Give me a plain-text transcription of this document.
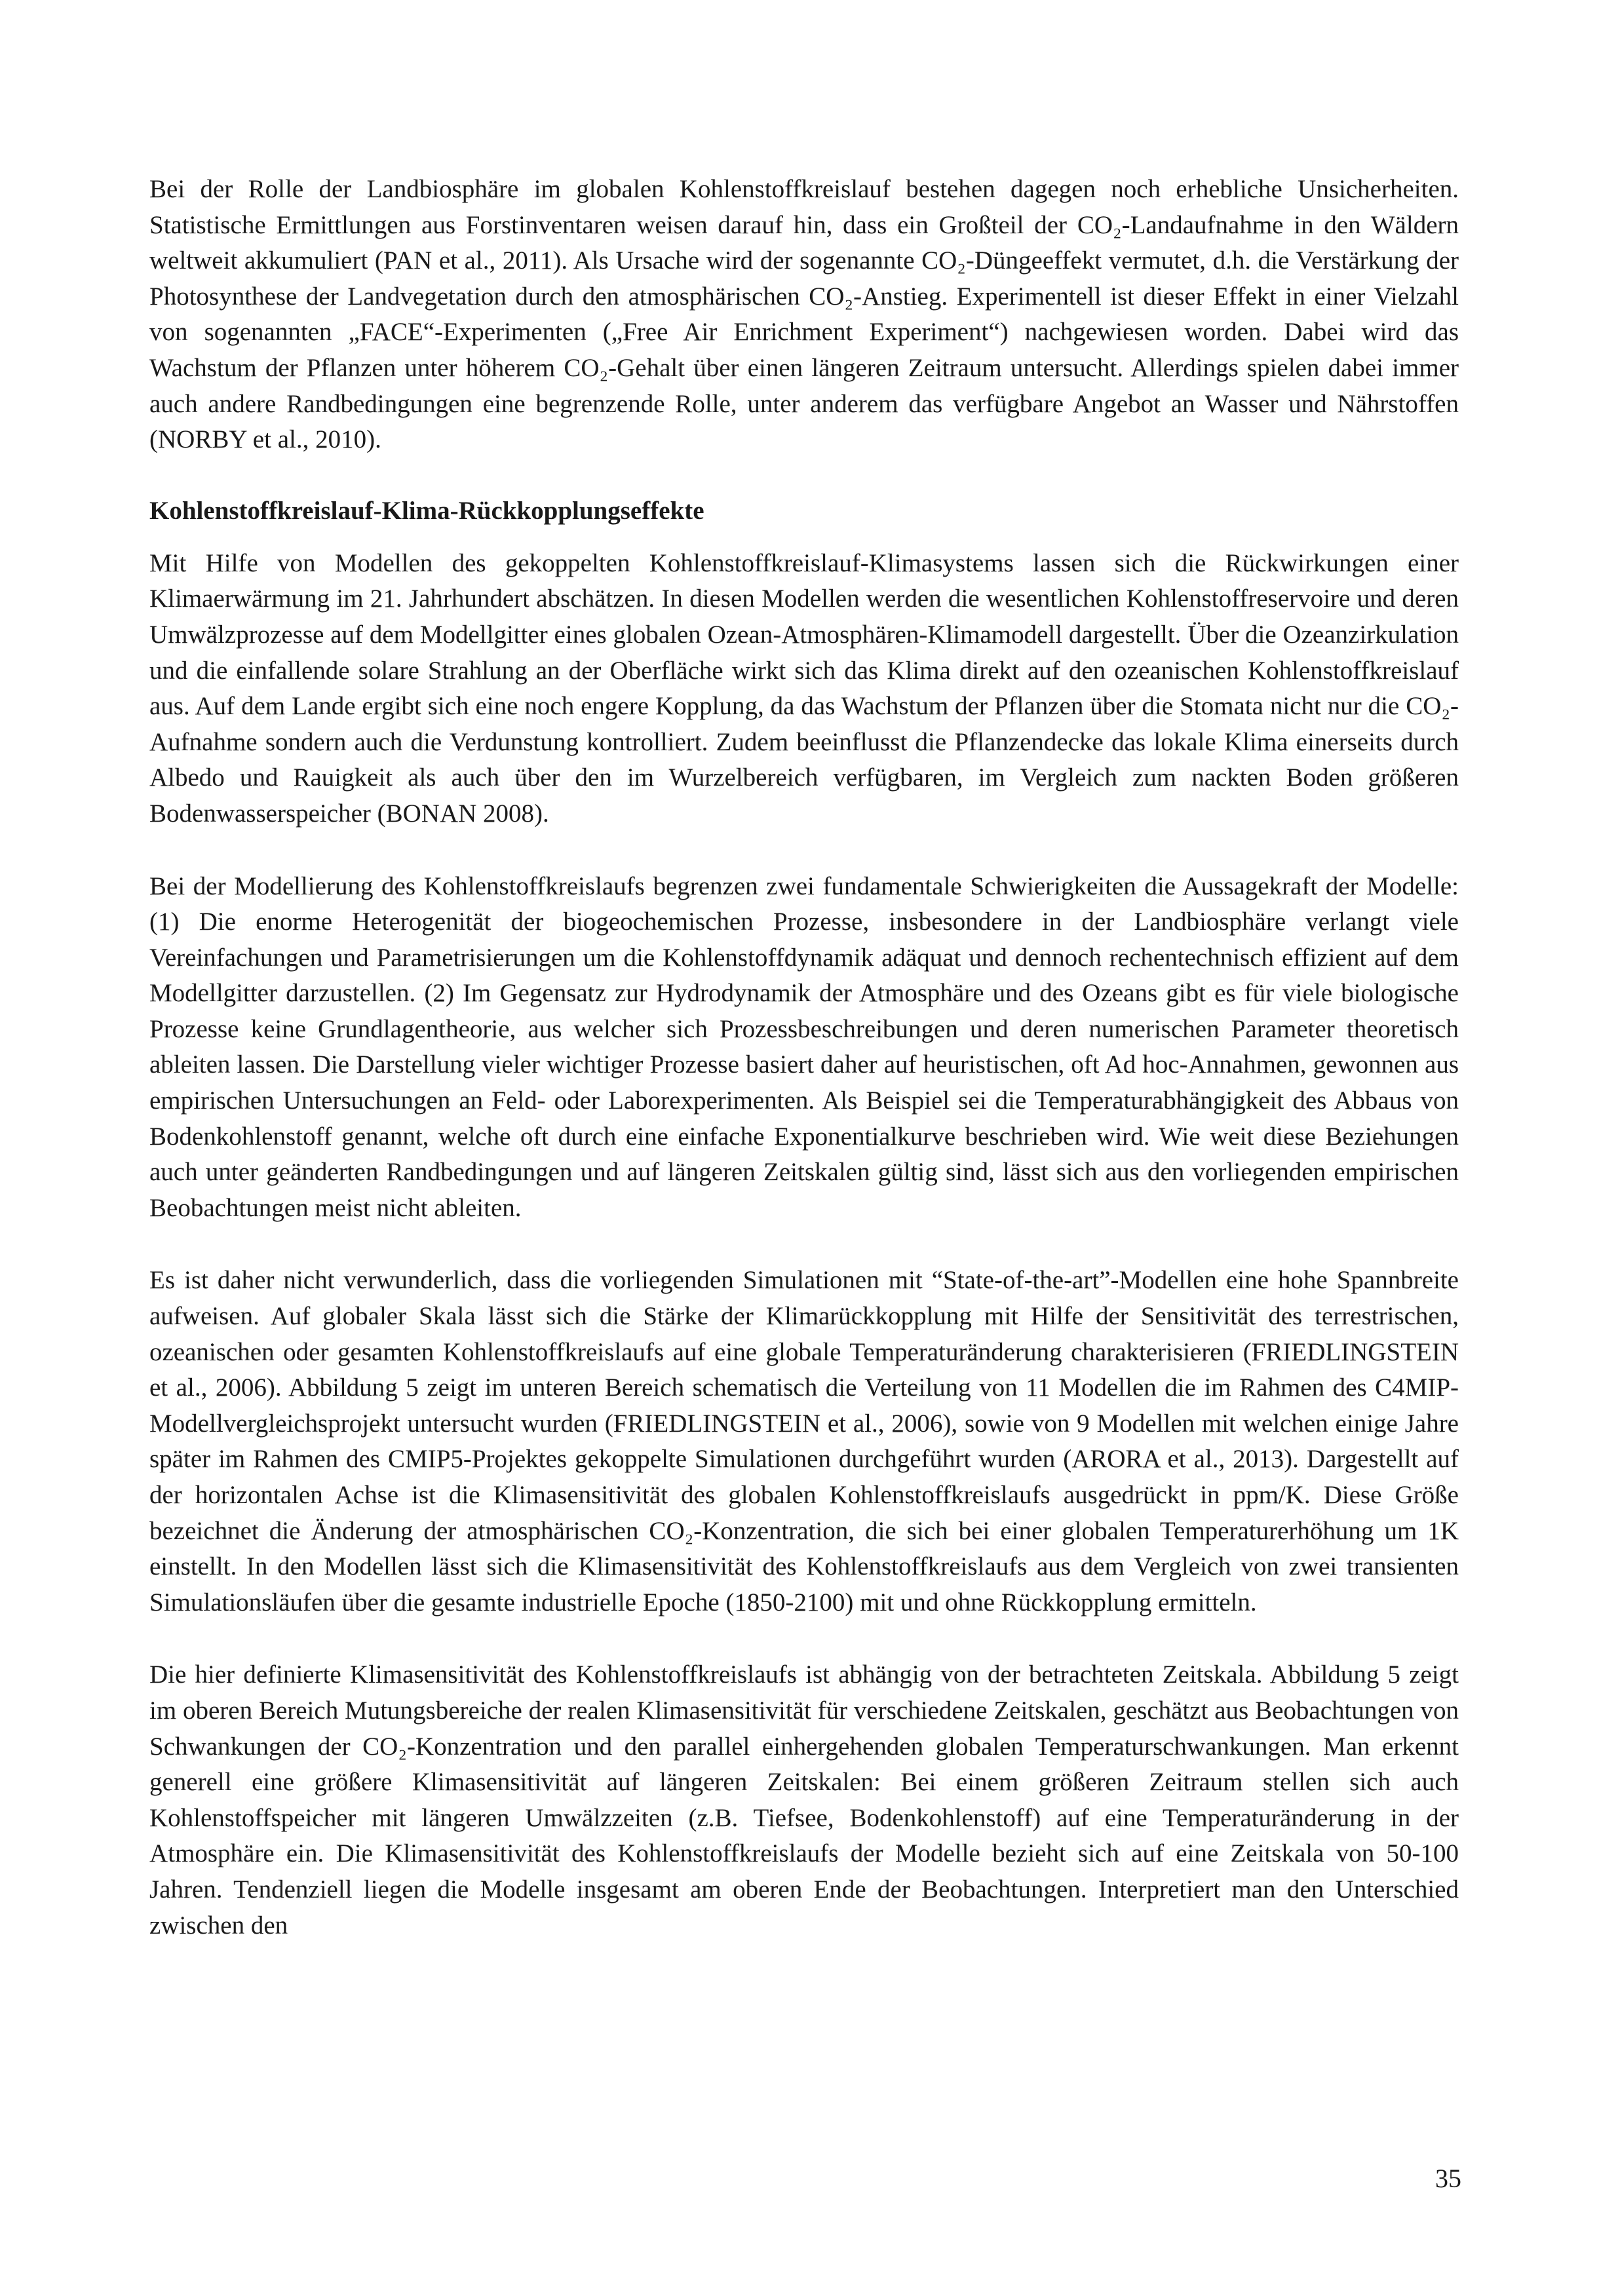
Bei der Rolle der Landbiosphäre im globalen Kohlenstoffkreislauf bestehen dagegen noch erhebliche Unsicherheiten. Statistische Ermittlungen aus Forstinventaren weisen darauf hin, dass ein Großteil der CO₂-Landaufnahme in den Wäldern weltweit akkumuliert (PAN et al., 2011). Als Ursache wird der sogenannte CO₂-Düngeeffekt vermutet, d.h. die Verstärkung der Photosynthese der Landvegetation durch den atmosphärischen CO₂-Anstieg. Experimentell ist dieser Effekt in einer Vielzahl von sogenannten „FACE“-Experimenten („Free Air Enrichment Experiment“) nachgewiesen worden. Dabei wird das Wachstum der Pflanzen unter höherem CO₂-Gehalt über einen längeren Zeitraum untersucht. Allerdings spielen dabei immer auch andere Randbedingungen eine begrenzende Rolle, unter anderem das verfügbare Angebot an Wasser und Nährstoffen (NORBY et al., 2010).

Kohlenstoffkreislauf-Klima-Rückkopplungseffekte

Mit Hilfe von Modellen des gekoppelten Kohlenstoffkreislauf-Klimasystems lassen sich die Rückwirkungen einer Klimaerwärmung im 21. Jahrhundert abschätzen. In diesen Modellen werden die wesentlichen Kohlenstoffreservoire und deren Umwälzprozesse auf dem Modellgitter eines globalen Ozean-Atmosphären-Klimamodell dargestellt. Über die Ozeanzirkulation und die einfallende solare Strahlung an der Oberfläche wirkt sich das Klima direkt auf den ozeanischen Kohlenstoffkreislauf aus. Auf dem Lande ergibt sich eine noch engere Kopplung, da das Wachstum der Pflanzen über die Stomata nicht nur die CO₂-Aufnahme sondern auch die Verdunstung kontrolliert. Zudem beeinflusst die Pflanzendecke das lokale Klima einerseits durch Albedo und Rauigkeit als auch über den im Wurzelbereich verfügbaren, im Vergleich zum nackten Boden größeren Bodenwasserspeicher (BONAN 2008).

Bei der Modellierung des Kohlenstoffkreislaufs begrenzen zwei fundamentale Schwierigkeiten die Aussagekraft der Modelle: (1) Die enorme Heterogenität der biogeochemischen Prozesse, insbesondere in der Landbiosphäre verlangt viele Vereinfachungen und Parametrisierungen um die Kohlenstoffdynamik adäquat und dennoch rechentechnisch effizient auf dem Modellgitter darzustellen. (2) Im Gegensatz zur Hydrodynamik der Atmosphäre und des Ozeans gibt es für viele biologische Prozesse keine Grundlagentheorie, aus welcher sich Prozessbeschreibungen und deren numerischen Parameter theoretisch ableiten lassen. Die Darstellung vieler wichtiger Prozesse basiert daher auf heuristischen, oft Ad hoc-Annahmen, gewonnen aus empirischen Untersuchungen an Feld- oder Laborexperimenten. Als Beispiel sei die Temperaturabhängigkeit des Abbaus von Bodenkohlenstoff genannt, welche oft durch eine einfache Exponentialkurve beschrieben wird. Wie weit diese Beziehungen auch unter geänderten Randbedingungen und auf längeren Zeitskalen gültig sind, lässt sich aus den vorliegenden empirischen Beobachtungen meist nicht ableiten.

Es ist daher nicht verwunderlich, dass die vorliegenden Simulationen mit “State-of-the-art”-Modellen eine hohe Spannbreite aufweisen. Auf globaler Skala lässt sich die Stärke der Klimarückkopplung mit Hilfe der Sensitivität des terrestrischen, ozeanischen oder gesamten Kohlenstoffkreislaufs auf eine globale Temperaturänderung charakterisieren (FRIEDLINGSTEIN et al., 2006). Abbildung 5 zeigt im unteren Bereich schematisch die Verteilung von 11 Modellen die im Rahmen des C4MIP-Modellvergleichsprojekt untersucht wurden (FRIEDLINGSTEIN et al., 2006), sowie von 9 Modellen mit welchen einige Jahre später im Rahmen des CMIP5-Projektes gekoppelte Simulationen durchgeführt wurden (ARORA et al., 2013). Dargestellt auf der horizontalen Achse ist die Klimasensitivität des globalen Kohlenstoffkreislaufs ausgedrückt in ppm/K. Diese Größe bezeichnet die Änderung der atmosphärischen CO₂-Konzentration, die sich bei einer globalen Temperaturerhöhung um 1K einstellt. In den Modellen lässt sich die Klimasensitivität des Kohlenstoffkreislaufs aus dem Vergleich von zwei transienten Simulationsläufen über die gesamte industrielle Epoche (1850-2100) mit und ohne Rückkopplung ermitteln.

Die hier definierte Klimasensitivität des Kohlenstoffkreislaufs ist abhängig von der betrachteten Zeitskala. Abbildung 5 zeigt im oberen Bereich Mutungsbereiche der realen Klimasensitivität für verschiedene Zeitskalen, geschätzt aus Beobachtungen von Schwankungen der CO₂-Konzentration und den parallel einhergehenden globalen Temperaturschwankungen. Man erkennt generell eine größere Klimasensitivität auf längeren Zeitskalen: Bei einem größeren Zeitraum stellen sich auch Kohlenstoffspeicher mit längeren Umwälzzeiten (z.B. Tiefsee, Bodenkohlenstoff) auf eine Temperaturänderung in der Atmosphäre ein. Die Klimasensitivität des Kohlenstoffkreislaufs der Modelle bezieht sich auf eine Zeitskala von 50-100 Jahren. Tendenziell liegen die Modelle insgesamt am oberen Ende der Beobachtungen. Interpretiert man den Unterschied zwischen den

35
